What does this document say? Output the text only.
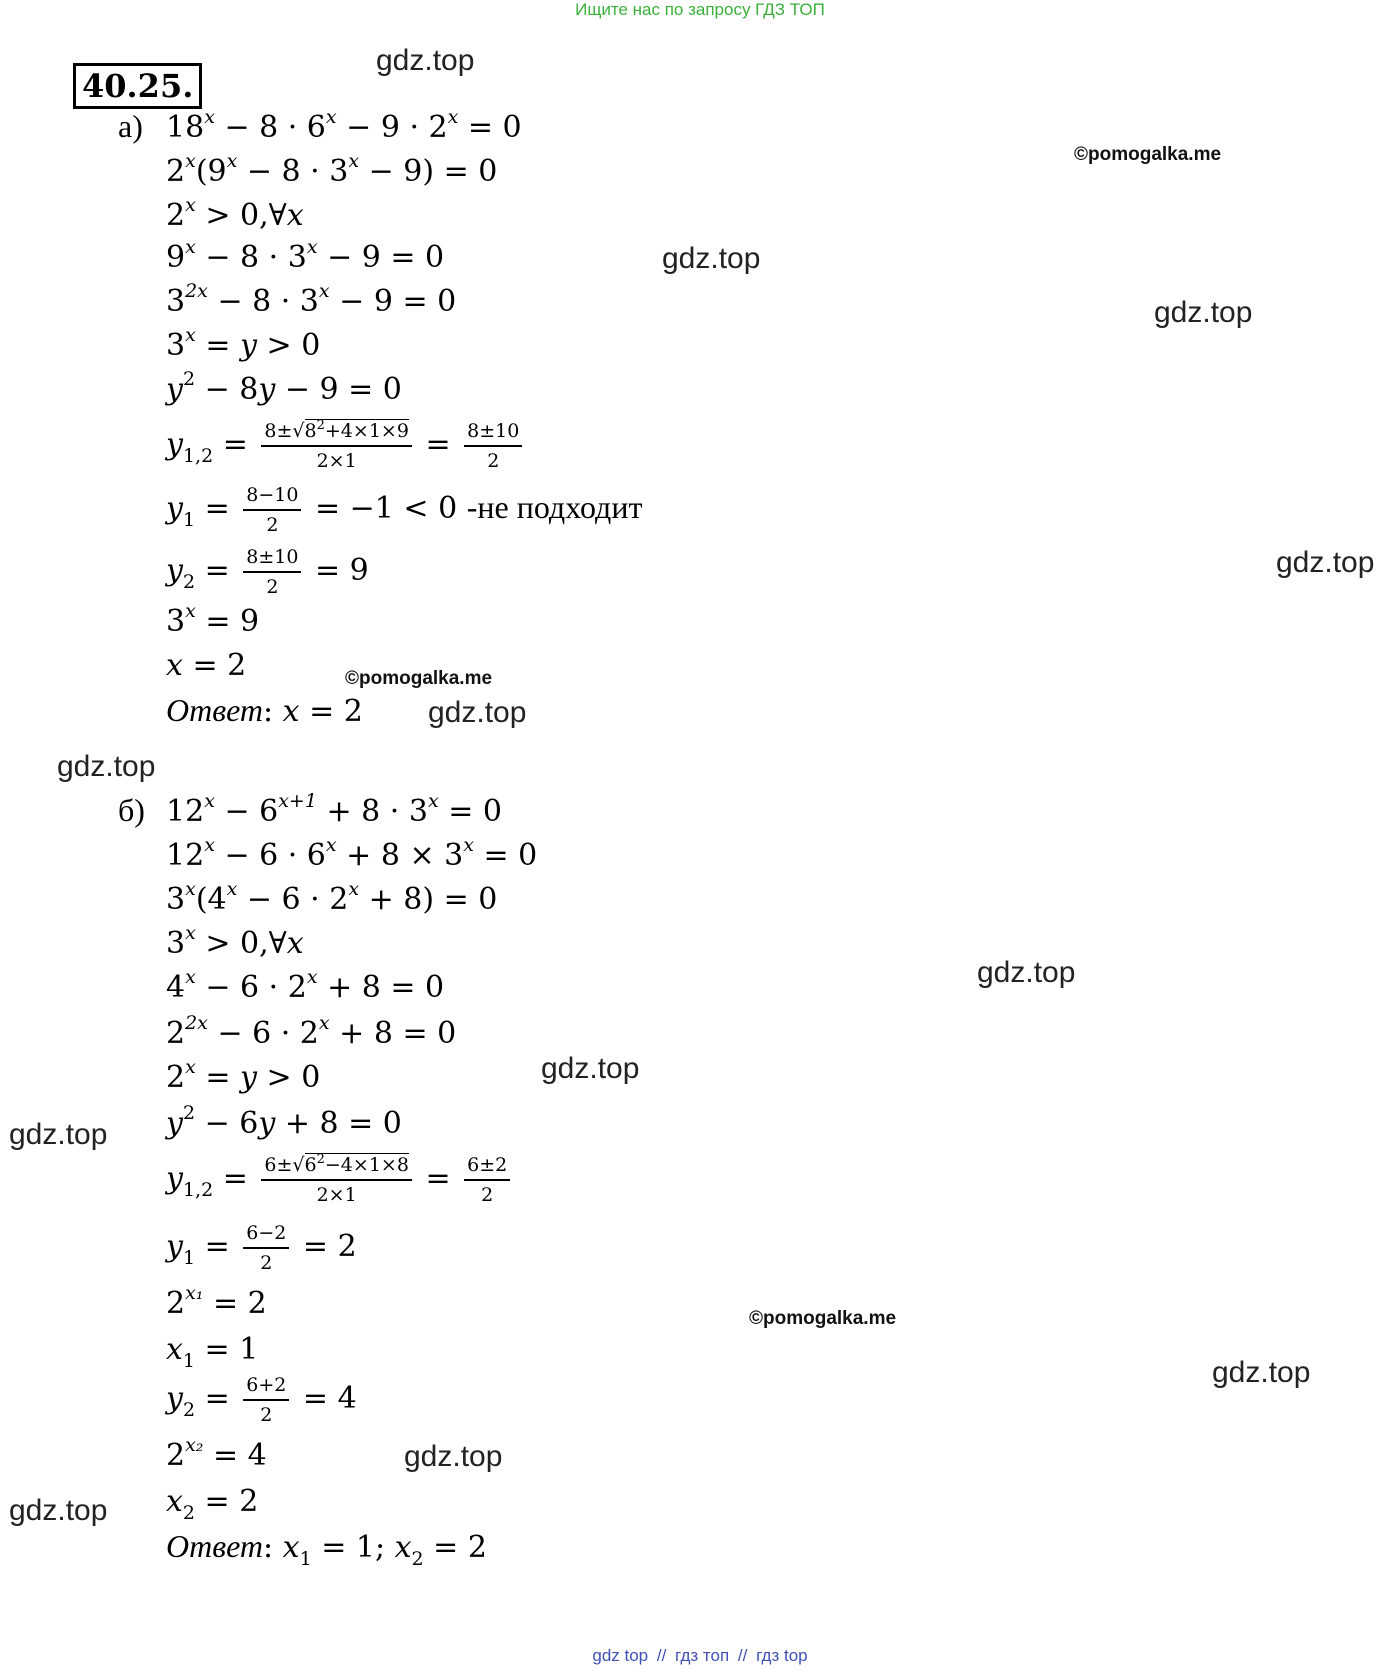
Ищите нас по запросу ГДЗ ТОП
40.25.
а) $18^x - 8 \cdot 6^x - 9 \cdot 2^x = 0$
$2^x(9^x - 8 \cdot 3^x - 9) = 0$
$2^x$ > 0,∀x
$9^x - 8 \cdot 3^x - 9 = 0$
$3^{2x} - 8 \cdot 3^x - 9 = 0$
$3^x = y > 0$
$y^2 - 8y - 9 = 0$
$y_{1,2} = \frac{8\pm√8^2+4\times 1\times 9}{2\times 1} = \frac{8\pm 10}{2}$
$y_1 = \frac{8-10}{2} = -1 < 0$ -не подходит
$y_2 = \frac{8\pm 10}{2} = 9$
$3^x = 9$
x = 2
Ответ: x = 2
б) $12^x - 6^{x+1} + 8 \cdot 3^x = 0$
$12^x - 6 \cdot 6^x + 8 \times 3^x = 0$
$3^x(4^x - 6 \cdot 2^x + 8) = 0$
$3^x$ > 0,∀x
$4^x - 6 \cdot 2^x + 8 = 0$
$2^{2x} - 6 \cdot 2^x + 8 = 0$
$2^x = y > 0$
$y^2 - 6y + 8 = 0$
$y_{1,2} = \frac{6\pm√6^2-4\times 1\times 8}{2\times 1} = \frac{6\pm 2}{2}$
$y_1 = \frac{6-2}{2} = 2$
$2^{x_1} = 2$
$x_1 = 1$
$y_2 = \frac{6+2}{2} = 4$
$2^{x_2} = 4$
$x_2 = 2$
Ответ: $x_1 = 1$; $x_2 = 2$
gdz.top
©pomogalka.me
gdz.top
gdz.top
gdz.top
©pomogalka.me
gdz.top
gdz.top
gdz.top
gdz.top
gdz.top
©pomogalka.me
gdz.top
gdz.top
gdz.top
gdz top // гдз топ // гдз top
